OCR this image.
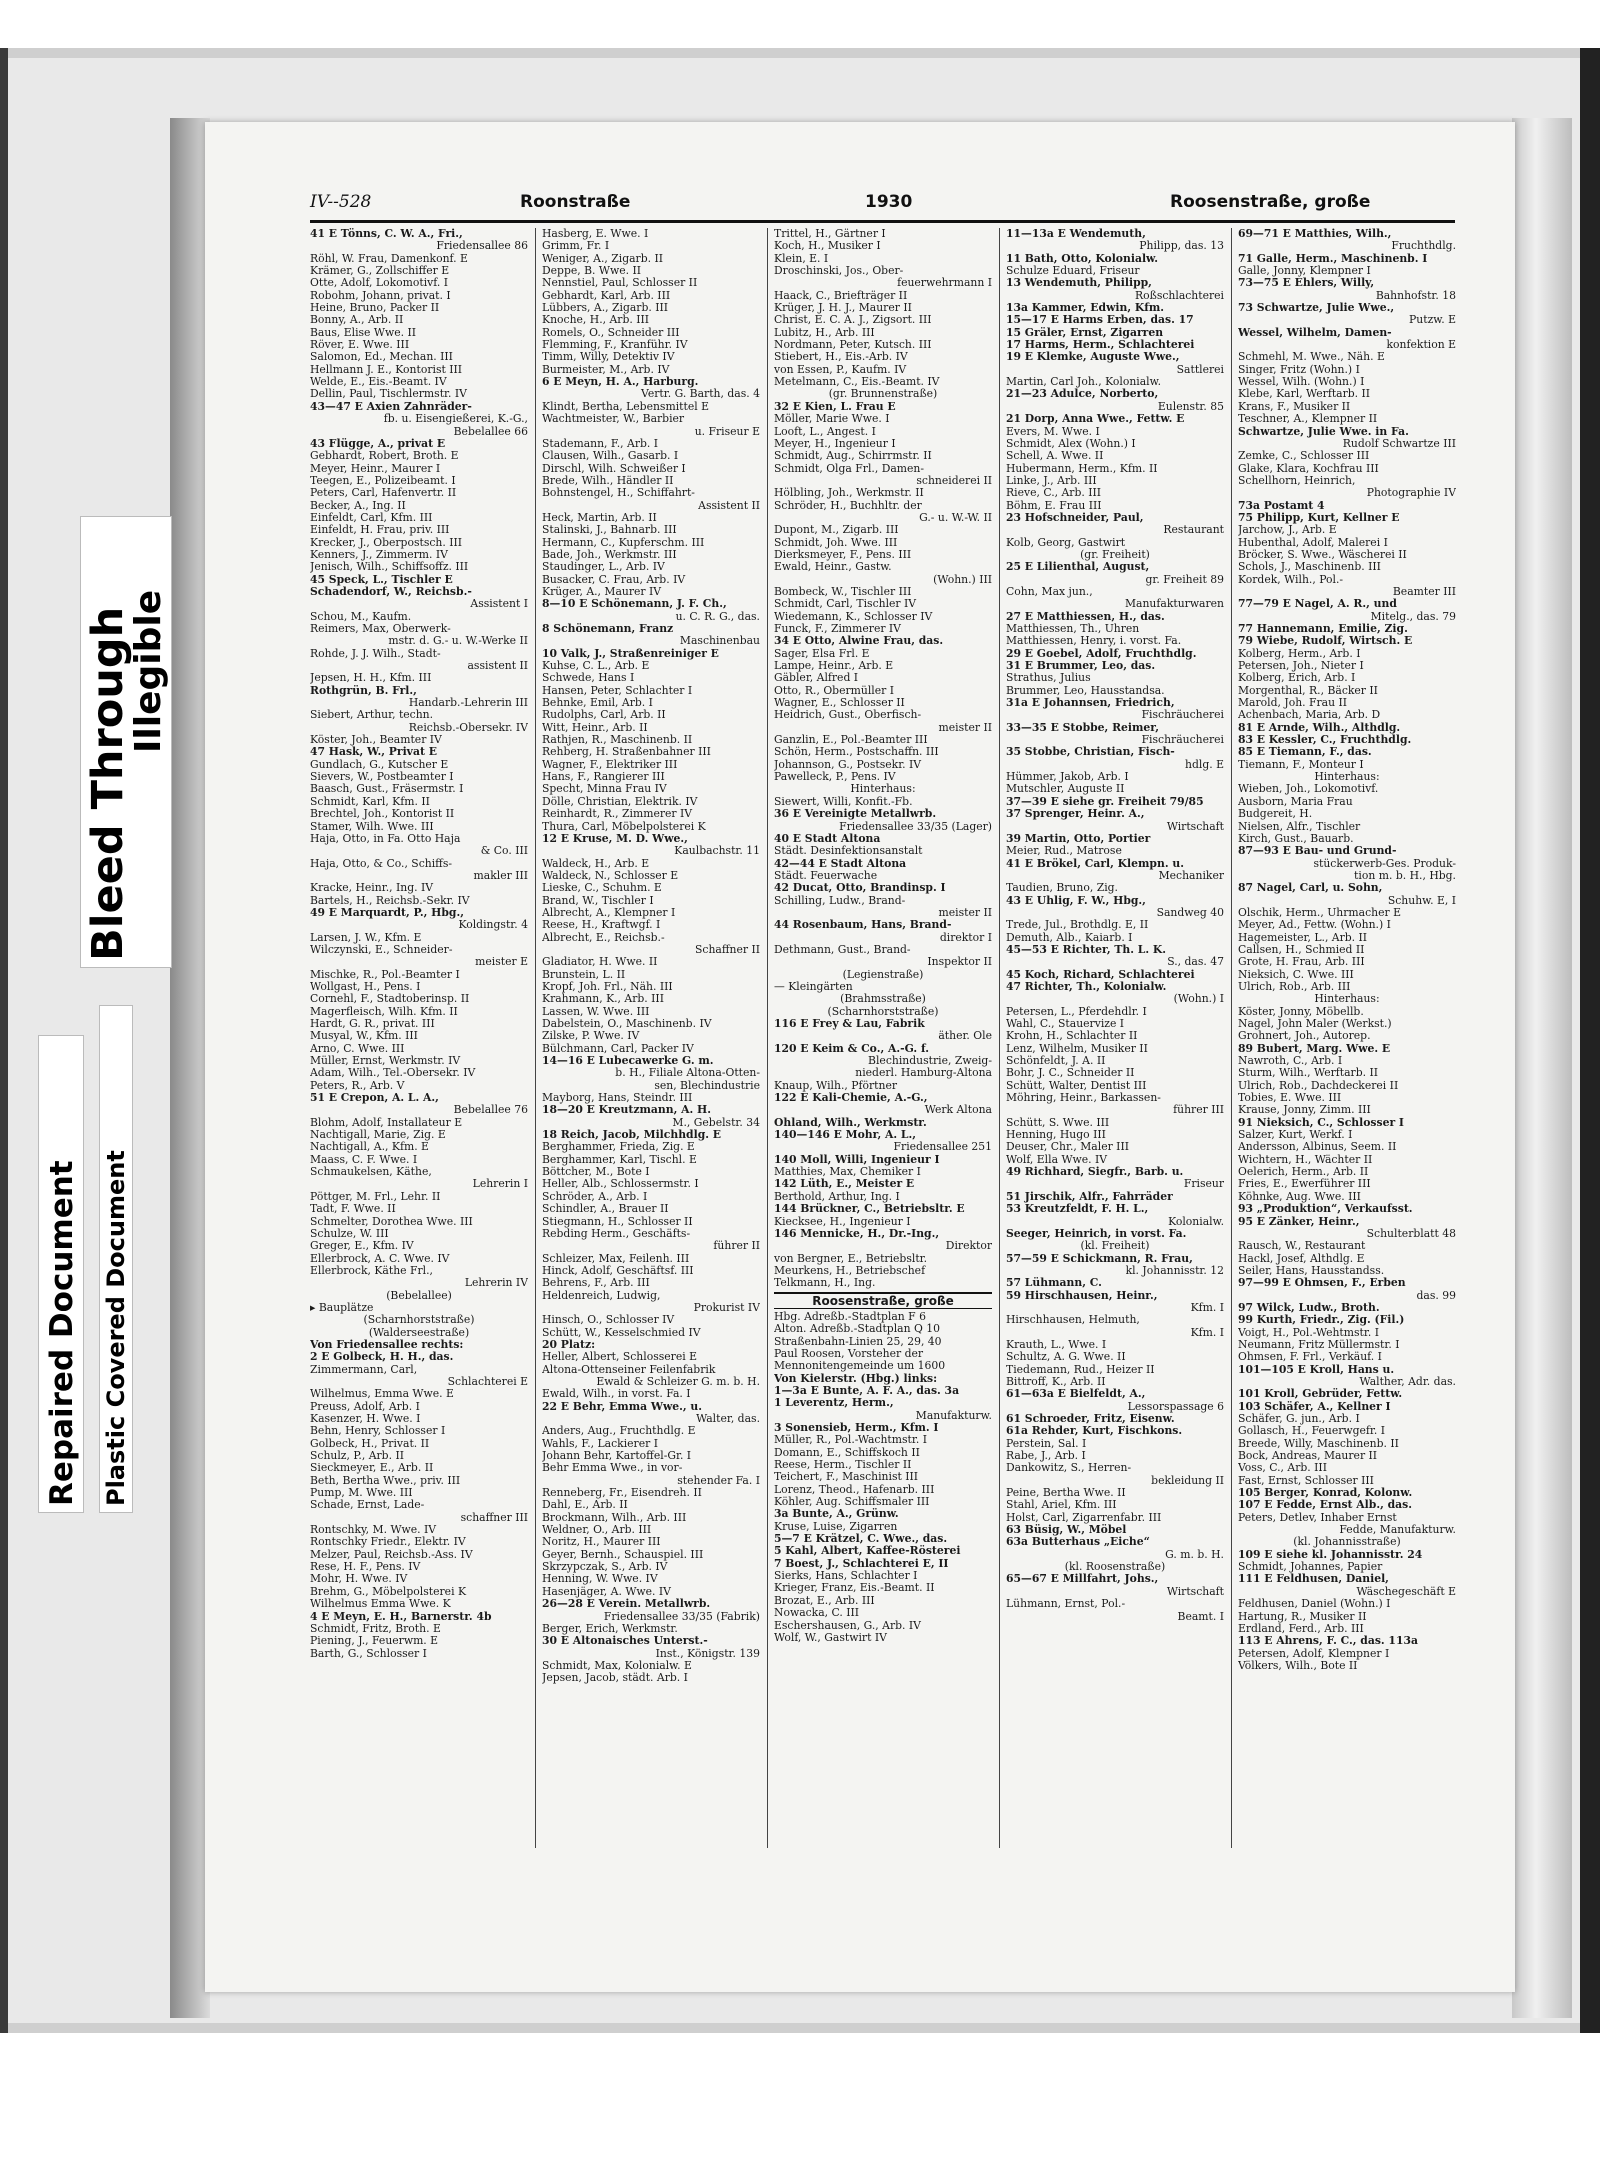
Repaired Document Plastic Covered Document
Bleed Through
Illegible
IV--528	Roonstraße	1930	Roosenstraße, große
41 E Tönns, C. W. A., Fri.,
Friedensallee 86
Röhl, W. Frau, Damenkonf. E
Krämer, G., Zollschiffer E
Otte, Adolf, Lokomotivf. I
Robohm, Johann, privat. I
Heine, Bruno, Packer II
Bonny, A., Arb. II
Baus, Elise Wwe. II
Röver, E. Wwe. III
Salomon, Ed., Mechan. III
Hellmann J. E., Kontorist III
Welde, E., Eis.-Beamt. IV
Dellin, Paul, Tischlermstr. IV
43—47 E Axien Zahnräder-
fb. u. Eisengießerei, K.-G.,
Bebelallee 66
43 Flügge, A., privat E
Gebhardt, Robert, Broth. E
Meyer, Heinr., Maurer I
Teegen, E., Polizeibeamt. I
Peters, Carl, Hafenvertr. II
Becker, A., Ing. II
Einfeldt, Carl, Kfm. III
Einfeldt, H. Frau, priv. III
Krecker, J., Oberpostsch. III
Kenners, J., Zimmerm. IV
Jenisch, Wilh., Schiffsoffz. III
45 Speck, L., Tischler E
Schadendorf, W., Reichsb.-
Assistent I
Schou, M., Kaufm.
Reimers, Max, Oberwerk-
mstr. d. G.- u. W.-Werke II
Rohde, J. J. Wilh., Stadt-
assistent II
Jepsen, H. H., Kfm. III
Rothgrün, B. Frl.,
Handarb.-Lehrerin III
Siebert, Arthur, techn.
Reichsb.-Obersekr. IV
Köster, Joh., Beamter IV
47 Hask, W., Privat E
Gundlach, G., Kutscher E
Sievers, W., Postbeamter I
Baasch, Gust., Fräsermstr. I
Schmidt, Karl, Kfm. II
Brechtel, Joh., Kontorist II
Stamer, Wilh. Wwe. III
Haja, Otto, in Fa. Otto Haja
& Co. III
Haja, Otto, & Co., Schiffs-
makler III
Kracke, Heinr., Ing. IV
Bartels, H., Reichsb.-Sekr. IV
49 E Marquardt, P., Hbg.,
Koldingstr. 4
Larsen, J. W., Kfm. E
Wilczynski, E., Schneider-
meister E
Mischke, R., Pol.-Beamter I
Wollgast, H., Pens. I
Cornehl, F., Stadtoberinsp. II
Magerfleisch, Wilh. Kfm. II
Hardt, G. R., privat. III
Musyal, W., Kfm. III
Arno, C. Wwe. III
Müller, Ernst, Werkmstr. IV
Adam, Wilh., Tel.-Obersekr. IV
Peters, R., Arb. V
51 E Crepon, A. L. A.,
Bebelallee 76
Blohm, Adolf, Installateur E
Nachtigall, Marie, Zig. E
Nachtigall, A., Kfm. E
Maass, C. F. Wwe. I
Schmaukelsen, Käthe,
Lehrerin I
Pöttger, M. Frl., Lehr. II
Tadt, F. Wwe. II
Schmelter, Dorothea Wwe. III
Schulze, W. III
Greger, E., Kfm. IV
Ellerbrock, A. C. Wwe. IV
Ellerbrock, Käthe Frl.,
Lehrerin IV
(Bebelallee)
▸ Bauplätze
(Scharnhorststraße)
(Walderseestraße)
Von Friedensallee rechts:
2 E Golbeck, H. H., das.
Zimmermann, Carl,
Schlachterei E
Wilhelmus, Emma Wwe. E
Preuss, Adolf, Arb. I
Kasenzer, H. Wwe. I
Behn, Henry, Schlosser I
Golbeck, H., Privat. II
Schulz, P., Arb. II
Sieckmeyer, E., Arb. II
Beth, Bertha Wwe., priv. III
Pump, M. Wwe. III
Schade, Ernst, Lade-
schaffner III
Rontschky, M. Wwe. IV
Rontschky Friedr., Elektr. IV
Melzer, Paul, Reichsb.-Ass. IV
Rese, H. F., Pens. IV
Mohr, H. Wwe. IV
Brehm, G., Möbelpolsterei K
Wilhelmus Emma Wwe. K
4 E Meyn, E. H., Barnerstr. 4b
Schmidt, Fritz, Broth. E
Piening, J., Feuerwm. E
Barth, G., Schlosser I
Hasberg, E. Wwe. I
Grimm, Fr. I
Weniger, A., Zigarb. II
Deppe, B. Wwe. II
Nennstiel, Paul, Schlosser II
Gebhardt, Karl, Arb. III
Lübbers, A., Zigarb. III
Knoche, H., Arb. III
Romels, O., Schneider III
Flemming, F., Kranführ. IV
Timm, Willy, Detektiv IV
Burmeister, M., Arb. IV
6 E Meyn, H. A., Harburg.
Vertr. G. Barth, das. 4
Klindt, Bertha, Lebensmittel E
Wachtmeister, W., Barbier
u. Friseur E
Stademann, F., Arb. I
Clausen, Wilh., Gasarb. I
Dirschl, Wilh. Schweißer I
Brede, Wilh., Händler II
Bohnstengel, H., Schiffahrt-
Assistent II
Heck, Martin, Arb. II
Stalinski, J., Bahnarb. III
Hermann, C., Kupferschm. III
Bade, Joh., Werkmstr. III
Staudinger, L., Arb. IV
Busacker, C. Frau, Arb. IV
Krüger, A., Maurer IV
8—10 E Schönemann, J. F. Ch.,
u. C. R. G., das.
8 Schönemann, Franz
Maschinenbau
10 Valk, J., Straßenreiniger E
Kuhse, C. L., Arb. E
Schwede, Hans I
Hansen, Peter, Schlachter I
Behnke, Emil, Arb. I
Rudolphs, Carl, Arb. II
Witt, Heinr., Arb. II
Rathjen, R., Maschinenb. II
Rehberg, H. Straßenbahner III
Wagner, F., Elektriker III
Hans, F., Rangierer III
Specht, Minna Frau IV
Dölle, Christian, Elektrik. IV
Reinhardt, R., Zimmerer IV
Thura, Carl, Möbelpolsterei K
12 E Kruse, M. D. Wwe.,
Kaulbachstr. 11
Waldeck, H., Arb. E
Waldeck, N., Schlosser E
Lieske, C., Schuhm. E
Brand, W., Tischler I
Albrecht, A., Klempner I
Reese, H., Kraftwgf. I
Albrecht, E., Reichsb.-
Schaffner II
Gladiator, H. Wwe. II
Brunstein, L. II
Kropf, Joh. Frl., Näh. III
Krahmann, K., Arb. III
Lassen, W. Wwe. III
Dabelstein, O., Maschinenb. IV
Zilske, P. Wwe. IV
Bülchmann, Carl, Packer IV
14—16 E Lubecawerke G. m.
b. H., Filiale Altona-Otten-
sen, Blechindustrie
Mayborg, Hans, Steindr. III
18—20 E Kreutzmann, A. H.
M., Gebelstr. 34
18 Reich, Jacob, Milchhdlg. E
Berghammer, Frieda, Zig. E
Berghammer, Karl, Tischl. E
Böttcher, M., Bote I
Heller, Alb., Schlossermstr. I
Schröder, A., Arb. I
Schindler, A., Brauer II
Stiegmann, H., Schlosser II
Rebding Herm., Geschäfts-
führer II
Schleizer, Max, Feilenh. III
Hinck, Adolf, Geschäftsf. III
Behrens, F., Arb. III
Heldenreich, Ludwig,
Prokurist IV
Hinsch, O., Schlosser IV
Schütt, W., Kesselschmied IV
20 Platz:
Heller, Albert, Schlosserei E
Altona-Ottenseiner Feilenfabrik
Ewald & Schleizer G. m. b. H.
Ewald, Wilh., in vorst. Fa. I
22 E Behr, Emma Wwe., u.
Walter, das.
Anders, Aug., Fruchthdlg. E
Wahls, F., Lackierer I
Johann Behr, Kartoffel-Gr. I
Behr Emma Wwe., in vor-
stehender Fa. I
Renneberg, Fr., Eisendreh. II
Dahl, E., Arb. II
Brockmann, Wilh., Arb. III
Weldner, O., Arb. III
Noritz, H., Maurer III
Geyer, Bernh., Schauspiel. III
Skrzypczak, S., Arb. IV
Henning, W. Wwe. IV
Hasenjäger, A. Wwe. IV
26—28 E Verein. Metallwrb.
Friedensallee 33/35 (Fabrik)
Berger, Erich, Werkmstr.
30 E Altonaisches Unterst.-
Inst., Königstr. 139
Schmidt, Max, Kolonialw. E
Jepsen, Jacob, städt. Arb. I
Trittel, H., Gärtner I
Koch, H., Musiker I
Klein, E. I
Droschinski, Jos., Ober-
feuerwehrmann I
Haack, C., Briefträger II
Krüger, J. H. J., Maurer II
Christ, E. C. A. J., Zigsort. III
Lubitz, H., Arb. III
Nordmann, Peter, Kutsch. III
Stiebert, H., Eis.-Arb. IV
von Essen, P., Kaufm. IV
Metelmann, C., Eis.-Beamt. IV
(gr. Brunnenstraße)
32 E Kien, L. Frau E
Möller, Marie Wwe. I
Looft, L., Angest. I
Meyer, H., Ingenieur I
Schmidt, Aug., Schirrmstr. II
Schmidt, Olga Frl., Damen-
schneiderei II
Hölbling, Joh., Werkmstr. II
Schröder, H., Buchhltr. der
G.- u. W.-W. II
Dupont, M., Zigarb. III
Schmidt, Joh. Wwe. III
Dierksmeyer, F., Pens. III
Ewald, Heinr., Gastw.
(Wohn.) III
Bombeck, W., Tischler III
Schmidt, Carl, Tischler IV
Wiedemann, K., Schlosser IV
Funck, F., Zimmerer IV
34 E Otto, Alwine Frau, das.
Sager, Elsa Frl. E
Lampe, Heinr., Arb. E
Gäbler, Alfred I
Otto, R., Obermüller I
Wagner, E., Schlosser II
Heidrich, Gust., Oberfisch-
meister II
Ganzlin, E., Pol.-Beamter III
Schön, Herm., Postschaffn. III
Johannson, G., Postsekr. IV
Pawelleck, P., Pens. IV
Hinterhaus:
Siewert, Willi, Konfit.-Fb.
36 E Vereinigte Metallwrb.
Friedensallee 33/35 (Lager)
40 E Stadt Altona
Städt. Desinfektionsanstalt
42—44 E Stadt Altona
Städt. Feuerwache
42 Ducat, Otto, Brandinsp. I
Schilling, Ludw., Brand-
meister II
44 Rosenbaum, Hans, Brand-
direktor I
Dethmann, Gust., Brand-
Inspektor II
(Legienstraße)
— Kleingärten
(Brahmsstraße)
(Scharnhorststraße)
116 E Frey & Lau, Fabrik
äther. Öle
120 E Keim & Co., A.-G. f.
Blechindustrie, Zweig-
niederl. Hamburg-Altona
Knaup, Wilh., Pförtner
122 E Kali-Chemie, A.-G.,
Werk Altona
Ohland, Wilh., Werkmstr.
140—146 E Mohr, A. L.,
Friedensallee 251
140 Moll, Willi, Ingenieur I
Matthies, Max, Chemiker I
142 Lüth, E., Meister E
Berthold, Arthur, Ing. I
144 Brückner, C., Betriebsltr. E
Kiecksee, H., Ingenieur I
146 Mennicke, H., Dr.-Ing.,
Direktor
von Bergner, E., Betriebsltr.
Meurkens, H., Betriebschef
Telkmann, H., Ing.
Roosenstraße, große
Hbg. Adreßb.-Stadtplan F 6
Alton. Adreßb.-Stadtplan Q 10
Straßenbahn-Linien 25, 29, 40
Paul Roosen, Vorsteher der
Mennonitengemeinde um 1600
Von Kielerstr. (Hbg.) links:
1—3a E Bunte, A. F. A., das. 3a
1 Leverentz, Herm.,
Manufakturw.
3 Sonensieb, Herm., Kfm. I
Müller, R., Pol.-Wachtmstr. I
Domann, E., Schiffskoch II
Reese, Herm., Tischler II
Teichert, F., Maschinist III
Lorenz, Theod., Hafenarb. III
Köhler, Aug. Schiffsmaler III
3a Bunte, A., Grünw.
Kruse, Luise, Zigarren
5—7 E Krätzel, C. Wwe., das.
5 Kahl, Albert, Kaffee-Rösterei
7 Boest, J., Schlachterei E, II
Sierks, Hans, Schlachter I
Krieger, Franz, Eis.-Beamt. II
Brozat, E., Arb. III
Nowacka, C. III
Eschershausen, G., Arb. IV
Wolf, W., Gastwirt IV
11—13a E Wendemuth,
Philipp, das. 13
11 Bath, Otto, Kolonialw.
Schulze Eduard, Friseur
13 Wendemuth, Philipp,
Roßschlachterei
13a Kammer, Edwin, Kfm.
15—17 E Harms Erben, das. 17
15 Gräler, Ernst, Zigarren
17 Harms, Herm., Schlachterei
19 E Klemke, Auguste Wwe.,
Sattlerei
Martin, Carl Joh., Kolonialw.
21—23 Adulce, Norberto,
Eulenstr. 85
21 Dorp, Anna Wwe., Fettw. E
Evers, M. Wwe. I
Schmidt, Alex (Wohn.) I
Schell, A. Wwe. II
Hubermann, Herm., Kfm. II
Linke, J., Arb. III
Rieve, C., Arb. III
Böhm, E. Frau III
23 Hofschneider, Paul,
Restaurant
Kolb, Georg, Gastwirt
(gr. Freiheit)
25 E Lilienthal, August,
gr. Freiheit 89
Cohn, Max jun.,
Manufakturwaren
27 E Matthiessen, H., das.
Matthiessen, Th., Uhren
Matthiessen, Henry, i. vorst. Fa.
29 E Goebel, Adolf, Fruchthdlg.
31 E Brummer, Leo, das.
Strathus, Julius
Brummer, Leo, Hausstandsa.
31a E Johannsen, Friedrich,
Fischräucherei
33—35 E Stobbe, Reimer,
Fischräucherei
35 Stobbe, Christian, Fisch-
hdlg. E
Hümmer, Jakob, Arb. I
Mutschler, Auguste II
37—39 E siehe gr. Freiheit 79/85
37 Sprenger, Heinr. A.,
Wirtschaft
39 Martin, Otto, Portier
Meier, Rud., Matrose
41 E Brökel, Carl, Klempn. u.
Mechaniker
Taudien, Bruno, Zig.
43 E Uhlig, F. W., Hbg.,
Sandweg 40
Trede, Jul., Brothdlg. E, II
Demuth, Alb., Kaiarb. I
45—53 E Richter, Th. L. K.
S., das. 47
45 Koch, Richard, Schlachterei
47 Richter, Th., Kolonialw.
(Wohn.) I
Petersen, L., Pferdehdlr. I
Wahl, C., Stauervize I
Krohn, H., Schlachter II
Lenz, Wilhelm, Musiker II
Schönfeldt, J. A. II
Bohr, J. C., Schneider II
Schütt, Walter, Dentist III
Möhring, Heinr., Barkassen-
führer III
Schütt, S. Wwe. III
Henning, Hugo III
Deuser, Chr., Maler III
Wolf, Ella Wwe. IV
49 Richhard, Siegfr., Barb. u.
Friseur
51 Jirschik, Alfr., Fahrräder
53 Kreutzfeldt, F. H. L.,
Kolonialw.
Seeger, Heinrich, in vorst. Fa.
(kl. Freiheit)
57—59 E Schickmann, R. Frau,
kl. Johannisstr. 12
57 Lühmann, C.
59 Hirschhausen, Heinr.,
Kfm. I
Hirschhausen, Helmuth,
Kfm. I
Krauth, L., Wwe. I
Schultz, A. G. Wwe. II
Tiedemann, Rud., Heizer II
Bittroff, K., Arb. II
61—63a E Bielfeldt, A.,
Lessorspassage 6
61 Schroeder, Fritz, Eisenw.
61a Rehder, Kurt, Fischkons.
Perstein, Sal. I
Rabe, J., Arb. I
Dankowitz, S., Herren-
bekleidung II
Peine, Bertha Wwe. II
Stahl, Ariel, Kfm. III
Holst, Carl, Zigarrenfabr. III
63 Büsig, W., Möbel
63a Butterhaus „Eiche“
G. m. b. H.
(kl. Roosenstraße)
65—67 E Millfahrt, Johs.,
Wirtschaft
Lühmann, Ernst, Pol.-
Beamt. I
69—71 E Matthies, Wilh.,
Fruchthdlg.
71 Galle, Herm., Maschinenb. I
Galle, Jonny, Klempner I
73—75 E Ehlers, Willy,
Bahnhofstr. 18
73 Schwartze, Julie Wwe.,
Putzw. E
Wessel, Wilhelm, Damen-
konfektion E
Schmehl, M. Wwe., Näh. E
Singer, Fritz (Wohn.) I
Wessel, Wilh. (Wohn.) I
Klebe, Karl, Werftarb. II
Krans, F., Musiker II
Teschner, A., Klempner II
Schwartze, Julie Wwe. in Fa.
Rudolf Schwartze III
Zemke, C., Schlosser III
Glake, Klara, Kochfrau III
Schellhorn, Heinrich,
Photographie IV
73a Postamt 4
75 Philipp, Kurt, Kellner E
Jarchow, J., Arb. E
Hubenthal, Adolf, Malerei I
Bröcker, S. Wwe., Wäscherei II
Schols, J., Maschinenb. III
Kordek, Wilh., Pol.-
Beamter III
77—79 E Nagel, A. R., und
Mitelg., das. 79
77 Hannemann, Emilie, Zig.
79 Wiebe, Rudolf, Wirtsch. E
Kolberg, Herm., Arb. I
Petersen, Joh., Nieter I
Kolberg, Erich, Arb. I
Morgenthal, R., Bäcker II
Marold, Joh. Frau II
Achenbach, Maria, Arb. D
81 E Arnde, Wilh., Althdlg.
83 E Kessler, C., Fruchthdlg.
85 E Tiemann, F., das.
Tiemann, F., Monteur I
Hinterhaus:
Wieben, Joh., Lokomotivf.
Ausborn, Maria Frau
Budgereit, H.
Nielsen, Alfr., Tischler
Kirch, Gust., Bauarb.
87—93 E Bau- und Grund-
stückerwerb-Ges. Produk-
tion m. b. H., Hbg.
87 Nagel, Carl, u. Sohn,
Schuhw. E, I
Olschik, Herm., Uhrmacher E
Meyer, Ad., Fettw. (Wohn.) I
Hagemeister, L., Arb. II
Callsen, H., Schmied II
Grote, H. Frau, Arb. III
Nieksich, C. Wwe. III
Ulrich, Rob., Arb. III
Hinterhaus:
Köster, Jonny, Möbellb.
Nagel, John Maler (Werkst.)
Grohnert, Joh., Autorep.
89 Bubert, Marg. Wwe. E
Nawroth, C., Arb. I
Sturm, Wilh., Werftarb. II
Ulrich, Rob., Dachdeckerei II
Tobies, E. Wwe. III
Krause, Jonny, Zimm. III
91 Nieksich, C., Schlosser I
Salzer, Kurt, Werkf. I
Andersson, Albinus, Seem. II
Wichtern, H., Wächter II
Oelerich, Herm., Arb. II
Fries, E., Ewerführer III
Köhnke, Aug. Wwe. III
93 „Produktion“, Verkaufsst.
95 E Zänker, Heinr.,
Schulterblatt 48
Rausch, W., Restaurant
Hackl, Josef, Althdlg. E
Seiler, Hans, Hausstandss.
97—99 E Ohmsen, F., Erben
das. 99
97 Wilck, Ludw., Broth.
99 Kurth, Friedr., Zig. (Fil.)
Voigt, H., Pol.-Wehtmstr. I
Neumann, Fritz Müllermstr. I
Ohmsen, F. Frl., Verkäuf. I
101—105 E Kroll, Hans u.
Walther, Adr. das.
101 Kroll, Gebrüder, Fettw.
103 Schäfer, A., Kellner I
Schäfer, G. jun., Arb. I
Gollasch, H., Feuerwgefr. I
Breede, Willy, Maschinenb. II
Bock, Andreas, Maurer II
Voss, C., Arb. III
Fast, Ernst, Schlosser III
105 Berger, Konrad, Kolonw.
107 E Fedde, Ernst Alb., das.
Peters, Detlev, Inhaber Ernst
Fedde, Manufakturw.
(kl. Johannisstraße)
109 E siehe kl. Johannisstr. 24
Schmidt, Johannes, Papier
111 E Feldhusen, Daniel,
Wäschegeschäft E
Feldhusen, Daniel (Wohn.) I
Hartung, R., Musiker II
Erdland, Ferd., Arb. III
113 E Ahrens, F. C., das. 113a
Petersen, Adolf, Klempner I
Völkers, Wilh., Bote II
